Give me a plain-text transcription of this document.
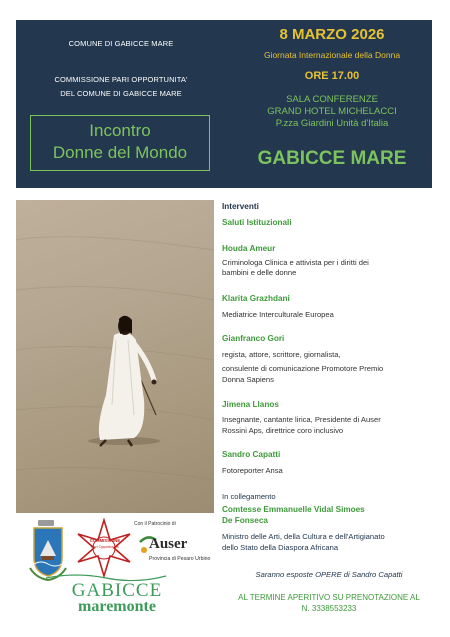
COMUNE DI GABICCE MARE
COMMISSIONE PARI OPPORTUNITA'
DEL COMUNE DI GABICCE MARE
Incontro
Donne del Mondo
8 MARZO 2026
Giornata Internazionale della Donna
ORE 17.00
SALA CONFERENZE
GRAND HOTEL MICHELACCI
P.zza Giardini Unità d'Italia
GABICCE MARE
Interventi
Saluti Istituzionali
Houda Ameur
Criminologa Clinica e attivista per i diritti dei
bambini e delle donne
Klarita Grazhdani
Mediatrice Interculturale Europea
Gianfranco Gori
regista, attore, scrittore, giornalista,
consulente di comunicazione Promotore Premio
Donna Sapiens
Jimena Llanos
Insegnante, cantante lirica, Presidente di Auser
Rossini Aps, direttrice coro inclusivo
Sandro Capatti
Fotoreporter Ansa
In collegamento
Comtesse Emmanuelle Vidal Simoes
De Fonseca
Ministro delle Arti, della Cultura e dell'Artigianato
dello Stato della Diaspora Africana
Saranno esposte OPERE di Sandro Capatti
AL TERMINE APERITIVO SU PRENOTAZIONE AL
N. 3338553233
COMMISSIONE
Pari Opportunita'
Con il Patrocinio di
Auser
Provincia di Pesaro Urbino
GABICCE
maremonte
